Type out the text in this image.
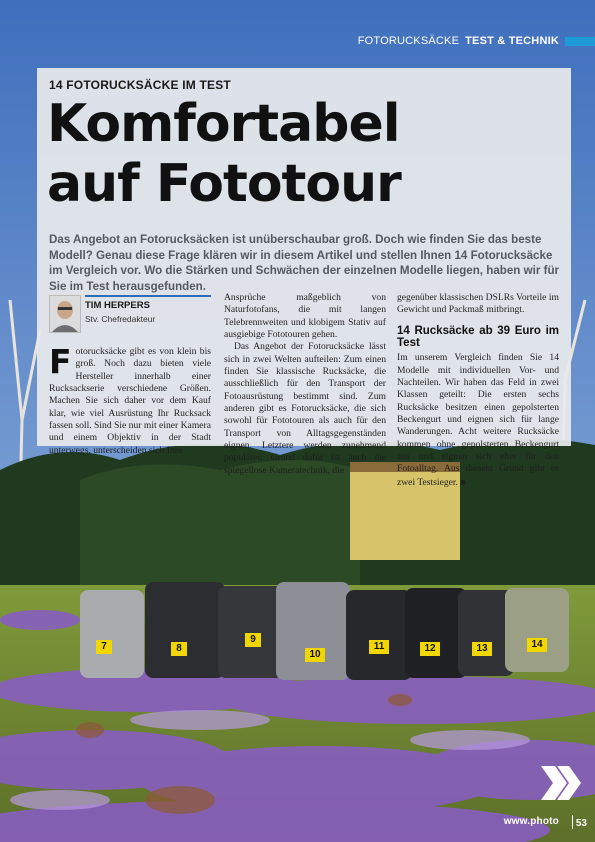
7	8
9
10
11	12	13	14
FOTORUCKSÄCKE TEST & TECHNIK
14 FOTORUCKSÄCKE IM TEST
Komfortabel
auf Fototour

Das Angebot an Fotorucksäcken ist unüberschaubar groß. Doch wie finden Sie das beste Modell? Genau diese Frage klären wir in diesem Artikel und stellen Ihnen 14 Fotorucksäcke im Vergleich vor. Wo die Stärken und Schwächen der einzelnen Modelle liegen, haben wir für Sie im Test herausgefunden.

TIM HERPERS
Stv. Chefredakteur

F otorucksäcke gibt es von klein bis groß. Noch dazu bieten viele Hersteller innerhalb einer Rucksackserie verschiedene Größen. Machen Sie sich daher vor dem Kauf klar, wie viel Ausrüstung Ihr Rucksack fassen soll. Sind Sie nur mit einer Kamera und einem Objektiv in der Stadt unterwegs, unterscheiden sich Ihre

Ansprüche maßgeblich von Naturfotofans, die mit langen Telebrennweiten und klobigem Stativ auf ausgiebige Fototouren gehen.

Das Angebot der Fotorucksäcke lässt sich in zwei Welten aufteilen: Zum einen finden Sie klassische Rucksäcke, die ausschließlich für den Transport der Fotoausrüstung bestimmt sind. Zum anderen gibt es Fotorucksäcke, die sich sowohl für Fototouren als auch für den Transport von Alltagsgegenständen eignen. Letztere werden zunehmend populärer. Grund dafür ist auch die spiegellose Kameratechnik, die

gegenüber klassischen DSLRs Vorteile im Gewicht und Packmaß mitbringt.

14 Rucksäcke ab 39 Euro im Test

Im unserem Vergleich finden Sie 14 Modelle mit individuellen Vor- und Nachteilen. Wir haben das Feld in zwei Klassen geteilt: Die ersten sechs Rucksäcke besitzen einen gepolsterten Beckengurt und eignen sich für lange Wanderungen. Acht weitere Rucksäcke kommen ohne gepolsterten Beckengurt aus und eignen sich eher für den Fotoalltag. Aus diesem Grund gibt es zwei Testsieger. ■

www.photo 53
